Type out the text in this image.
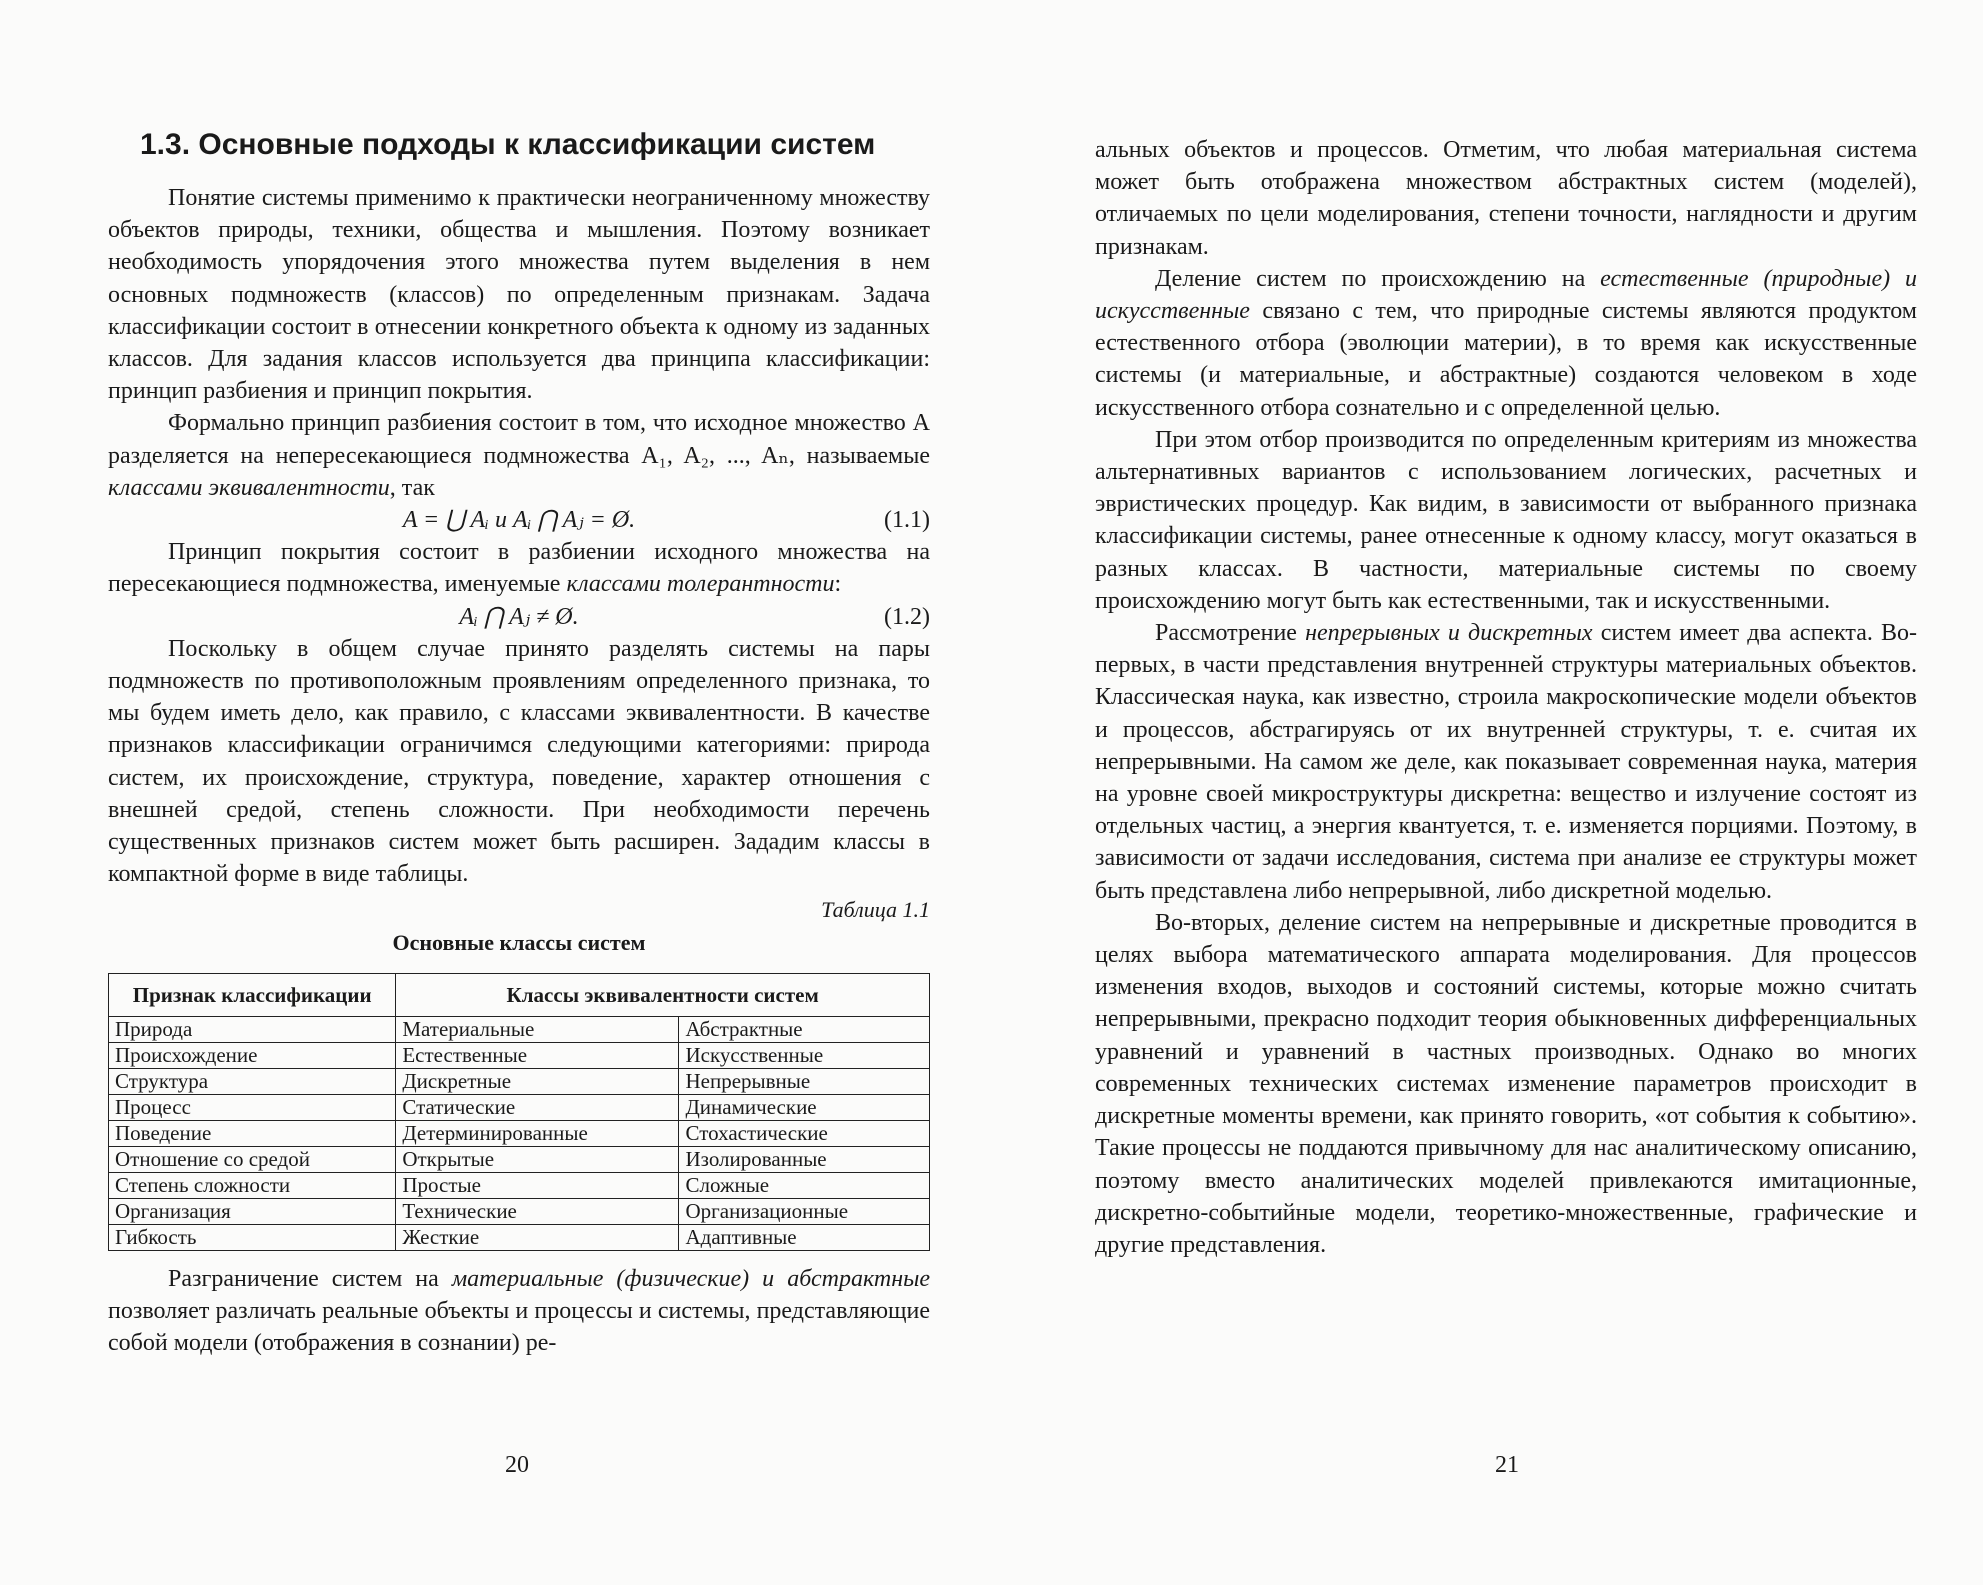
1.3. Основные подходы к классификации систем

Понятие системы применимо к практически неограниченному множеству объектов природы, техники, общества и мышления. Поэтому возникает необходимость упорядочения этого множества путем выделения в нем основных подмножеств (классов) по определенным признакам. Задача классификации состоит в отнесении конкретного объекта к одному из заданных классов. Для задания классов используется два принципа классификации: принцип разбиения и принцип покрытия.

Формально принцип разбиения состоит в том, что исходное множество A разделяется на непересекающиеся подмножества A₁, A₂, ..., Aₙ, называемые классами эквивалентности, так

A = ⋃ Aᵢ и Aᵢ ⋂ Aⱼ = Ø.	(1.1)

Принцип покрытия состоит в разбиении исходного множества на пересекающиеся подмножества, именуемые классами толерантности:

Aᵢ ⋂ Aⱼ ≠ Ø.	(1.2)

Поскольку в общем случае принято разделять системы на пары подмножеств по противоположным проявлениям определенного признака, то мы будем иметь дело, как правило, с классами эквивалентности. В качестве признаков классификации ограничимся следующими категориями: природа систем, их происхождение, структура, поведение, характер отношения с внешней средой, степень сложности. При необходимости перечень существенных признаков систем может быть расширен. Зададим классы в компактной форме в виде таблицы.

Таблица 1.1
Основные классы систем
Признак классификации	Классы эквивалентности систем	
Природа	Материальные	Абстрактные
Происхождение	Естественные	Искусственные
Структура	Дискретные	Непрерывные
Процесс	Статические	Динамические
Поведение	Детерминированные	Стохастические
Отношение со средой	Открытые	Изолированные
Степень сложности	Простые	Сложные
Организация	Технические	Организационные
Гибкость	Жесткие	Адаптивные

Разграничение систем на материальные (физические) и абстрактные позволяет различать реальные объекты и процессы и системы, представляющие собой модели (отображения в сознании) ре-

20

альных объектов и процессов. Отметим, что любая материальная система может быть отображена множеством абстрактных систем (моделей), отличаемых по цели моделирования, степени точности, наглядности и другим признакам.

Деление систем по происхождению на естественные (природные) и искусственные связано с тем, что природные системы являются продуктом естественного отбора (эволюции материи), в то время как искусственные системы (и материальные, и абстрактные) создаются человеком в ходе искусственного отбора сознательно и с определенной целью.

При этом отбор производится по определенным критериям из множества альтернативных вариантов с использованием логических, расчетных и эвристических процедур. Как видим, в зависимости от выбранного признака классификации системы, ранее отнесенные к одному классу, могут оказаться в разных классах. В частности, материальные системы по своему происхождению могут быть как естественными, так и искусственными.

Рассмотрение непрерывных и дискретных систем имеет два аспекта. Во-первых, в части представления внутренней структуры материальных объектов. Классическая наука, как известно, строила макроскопические модели объектов и процессов, абстрагируясь от их внутренней структуры, т. е. считая их непрерывными. На самом же деле, как показывает современная наука, материя на уровне своей микроструктуры дискретна: вещество и излучение состоят из отдельных частиц, а энергия квантуется, т. е. изменяется порциями. Поэтому, в зависимости от задачи исследования, система при анализе ее структуры может быть представлена либо непрерывной, либо дискретной моделью.

Во-вторых, деление систем на непрерывные и дискретные проводится в целях выбора математического аппарата моделирования. Для процессов изменения входов, выходов и состояний системы, которые можно считать непрерывными, прекрасно подходит теория обыкновенных дифференциальных уравнений и уравнений в частных производных. Однако во многих современных технических системах изменение параметров происходит в дискретные моменты времени, как принято говорить, «от события к событию». Такие процессы не поддаются привычному для нас аналитическому описанию, поэтому вместо аналитических моделей привлекаются имитационные, дискретно-событийные модели, теоретико-множественные, графические и другие представления.

21
